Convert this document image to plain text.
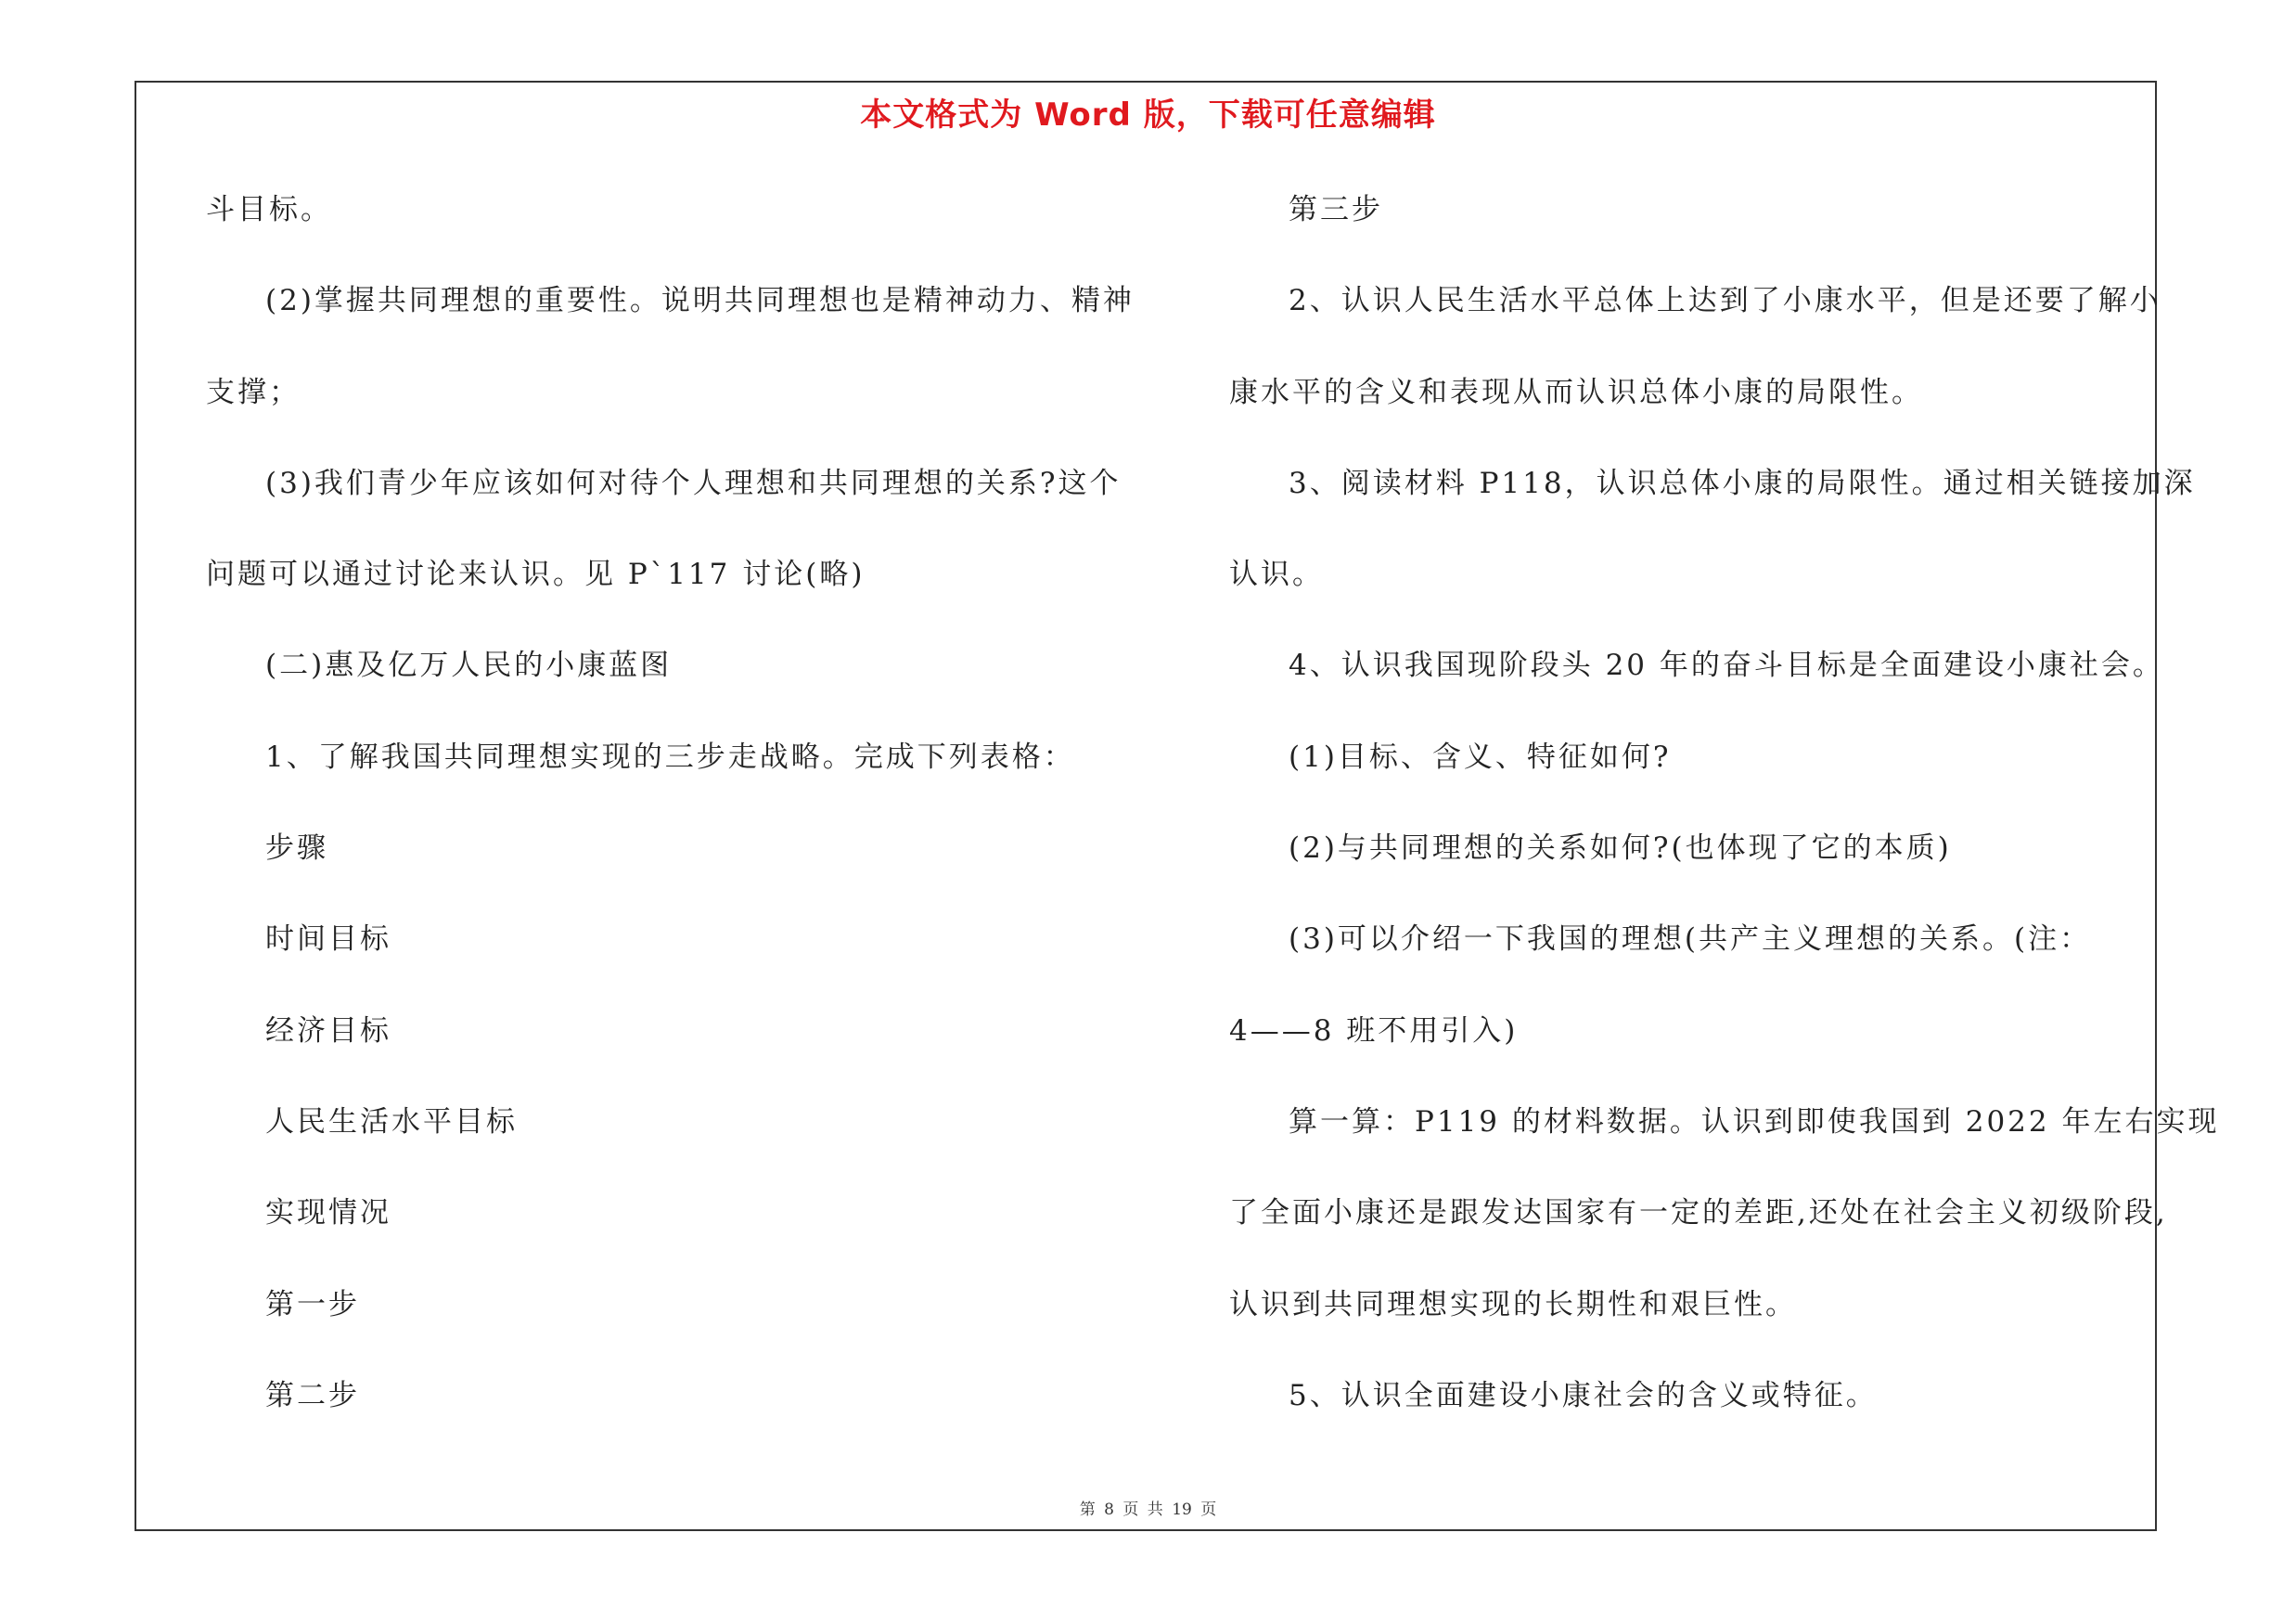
本文格式为 Word 版，下载可任意编辑
斗目标。
(2)掌握共同理想的重要性。说明共同理想也是精神动力、精神
支撑；
(3)我们青少年应该如何对待个人理想和共同理想的关系?这个
问题可以通过讨论来认识。见 P`117 讨论(略)
(二)惠及亿万人民的小康蓝图
1、了解我国共同理想实现的三步走战略。完成下列表格：
步骤
时间目标
经济目标
人民生活水平目标
实现情况
第一步
第二步
第三步
2、认识人民生活水平总体上达到了小康水平，但是还要了解小
康水平的含义和表现从而认识总体小康的局限性。
3、阅读材料 P118，认识总体小康的局限性。通过相关链接加深
认识。
4、认识我国现阶段头 20 年的奋斗目标是全面建设小康社会。
(1)目标、含义、特征如何?
(2)与共同理想的关系如何?(也体现了它的本质)
(3)可以介绍一下我国的理想(共产主义理想的关系。(注：
4——8 班不用引入)
算一算：P119 的材料数据。认识到即使我国到 2022 年左右实现
了全面小康还是跟发达国家有一定的差距,还处在社会主义初级阶段,
认识到共同理想实现的长期性和艰巨性。
5、认识全面建设小康社会的含义或特征。
第 8 页 共 19 页
